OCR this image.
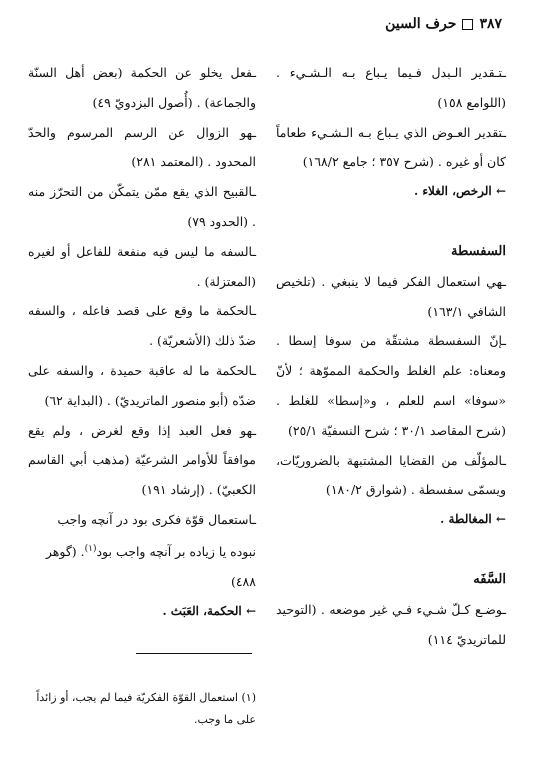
٣٨٧
حرف السين

ـتـقدير الـبدل فـيما يـباع بـه الـشـيء . (اللوامع ١٥٨)

ـتقدير العـوض الذي يـباع بـه الـشـيء طعاماً كان أو غيره . (شرح ٣٥٧ ؛ جامع ١٦٨/٢)

← الرخص، الغلاء .

السفسطة

ـهي استعمال الفكر فيما لا ينبغي . (تلخيص الشافي ١٦٣/١)

ـإنّ السفسطة مشتقّة من سوفا إسطا . ومعناه: علم الغلط والحكمة المموّهة ؛ لأنّ «سوفا» اسم للعلم ، و«إسطا» للغلط . (شرح المقاصد ٣٠/١ ؛ شرح النسفيّة ٢٥/١)

ـالمؤلّف من القضايا المشتبهة بالضروريّات، ويسمّى سفسطة . (شوارق ١٨٠/٢)

← المغالطة .

السَّفَه

ـوضـع كـلّ شـيء فـي غير موضعه . (التوحيد للماتريديّ ١١٤)

ـفعل يخلو عن الحكمة (بعض أهل السنّة والجماعة) . (أُصول البزدويّ ٤٩)

ـهو الزوال عن الرسم المرسوم والحدّ المحدود . (المعتمد ٢٨١)

ـالقبيح الذي يقع ممّن يتمكّن من التحرّز منه . (الحدود ٧٩)

ـالسفه ما ليس فيه منفعة للفاعل أو لغيره (المعتزلة) .

ـالحكمة ما وقع على قصد فاعله ، والسفه ضدّ ذلك (الأشعريّة) .

ـالحكمة ما له عاقبة حميدة ، والسفه على ضدّه (أبو منصور الماتريديّ) . (البداية ٦٢)

ـهو فعل العبد إذا وقع لغرض ، ولم يقع موافقاً للأوامر الشرعيّة (مذهب أبي القاسم الكعبيّ) . (إرشاد ١٩١)

ـاستعمال قوّة فكرى بود در آنچه واجب نبوده يا زياده بر آنچه واجب بود$^{(١)}$. (گوهر ٤٨٨)

← الحكمة، العَبَث .

(١) استعمال القوّة الفكريّة فيما لم يجب، أو زائداً على ما وجب.
